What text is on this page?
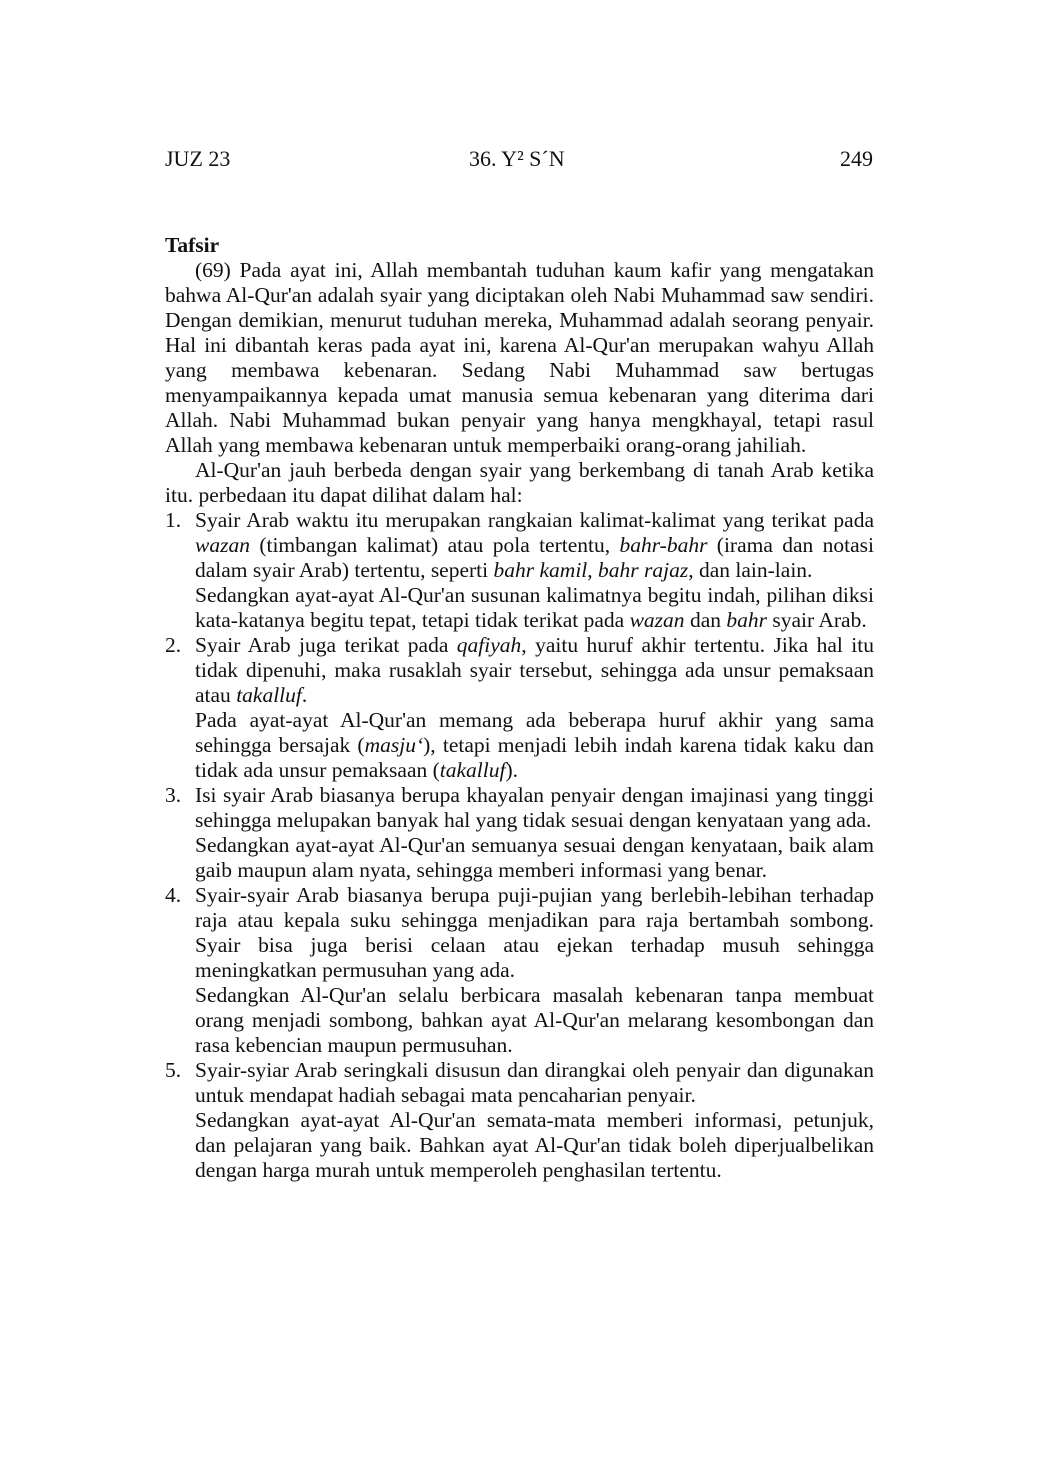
JUZ 23	36. Y² S´N	249
Tafsir

(69) Pada ayat ini, Allah membantah tuduhan kaum kafir yang mengatakan bahwa Al-Qur'an adalah syair yang diciptakan oleh Nabi Muhammad saw sendiri. Dengan demikian, menurut tuduhan mereka, Muhammad adalah seorang penyair. Hal ini dibantah keras pada ayat ini, karena Al-Qur'an merupakan wahyu Allah yang membawa kebenaran. Sedang Nabi Muhammad saw bertugas menyampaikannya kepada umat manusia semua kebenaran yang diterima dari Allah. Nabi Muhammad bukan penyair yang hanya mengkhayal, tetapi rasul Allah yang membawa kebenaran untuk memperbaiki orang-orang jahiliah.

Al-Qur'an jauh berbeda dengan syair yang berkembang di tanah Arab ketika itu. perbedaan itu dapat dilihat dalam hal:

1. Syair Arab waktu itu merupakan rangkaian kalimat-kalimat yang terikat pada wazan (timbangan kalimat) atau pola tertentu, bahr-bahr (irama dan notasi dalam syair Arab) tertentu, seperti bahr kamil, bahr rajaz, dan lain-lain.

Sedangkan ayat-ayat Al-Qur'an susunan kalimatnya begitu indah, pilihan diksi kata-katanya begitu tepat, tetapi tidak terikat pada wazan dan bahr syair Arab.

2. Syair Arab juga terikat pada qafiyah, yaitu huruf akhir tertentu. Jika hal itu tidak dipenuhi, maka rusaklah syair tersebut, sehingga ada unsur pemaksaan atau takalluf.

Pada ayat-ayat Al-Qur'an memang ada beberapa huruf akhir yang sama sehingga bersajak (masju‘), tetapi menjadi lebih indah karena tidak kaku dan tidak ada unsur pemaksaan (takalluf).

3. Isi syair Arab biasanya berupa khayalan penyair dengan imajinasi yang tinggi sehingga melupakan banyak hal yang tidak sesuai dengan kenyataan yang ada.

Sedangkan ayat-ayat Al-Qur'an semuanya sesuai dengan kenyataan, baik alam gaib maupun alam nyata, sehingga memberi informasi yang benar.

4. Syair-syair Arab biasanya berupa puji-pujian yang berlebih-lebihan terhadap raja atau kepala suku sehingga menjadikan para raja bertambah sombong. Syair bisa juga berisi celaan atau ejekan terhadap musuh sehingga meningkatkan permusuhan yang ada.

Sedangkan Al-Qur'an selalu berbicara masalah kebenaran tanpa membuat orang menjadi sombong, bahkan ayat Al-Qur'an melarang kesombongan dan rasa kebencian maupun permusuhan.

5. Syair-syiar Arab seringkali disusun dan dirangkai oleh penyair dan digunakan untuk mendapat hadiah sebagai mata pencaharian penyair.

Sedangkan ayat-ayat Al-Qur'an semata-mata memberi informasi, petunjuk, dan pelajaran yang baik. Bahkan ayat Al-Qur'an tidak boleh diperjualbelikan dengan harga murah untuk memperoleh penghasilan tertentu.
